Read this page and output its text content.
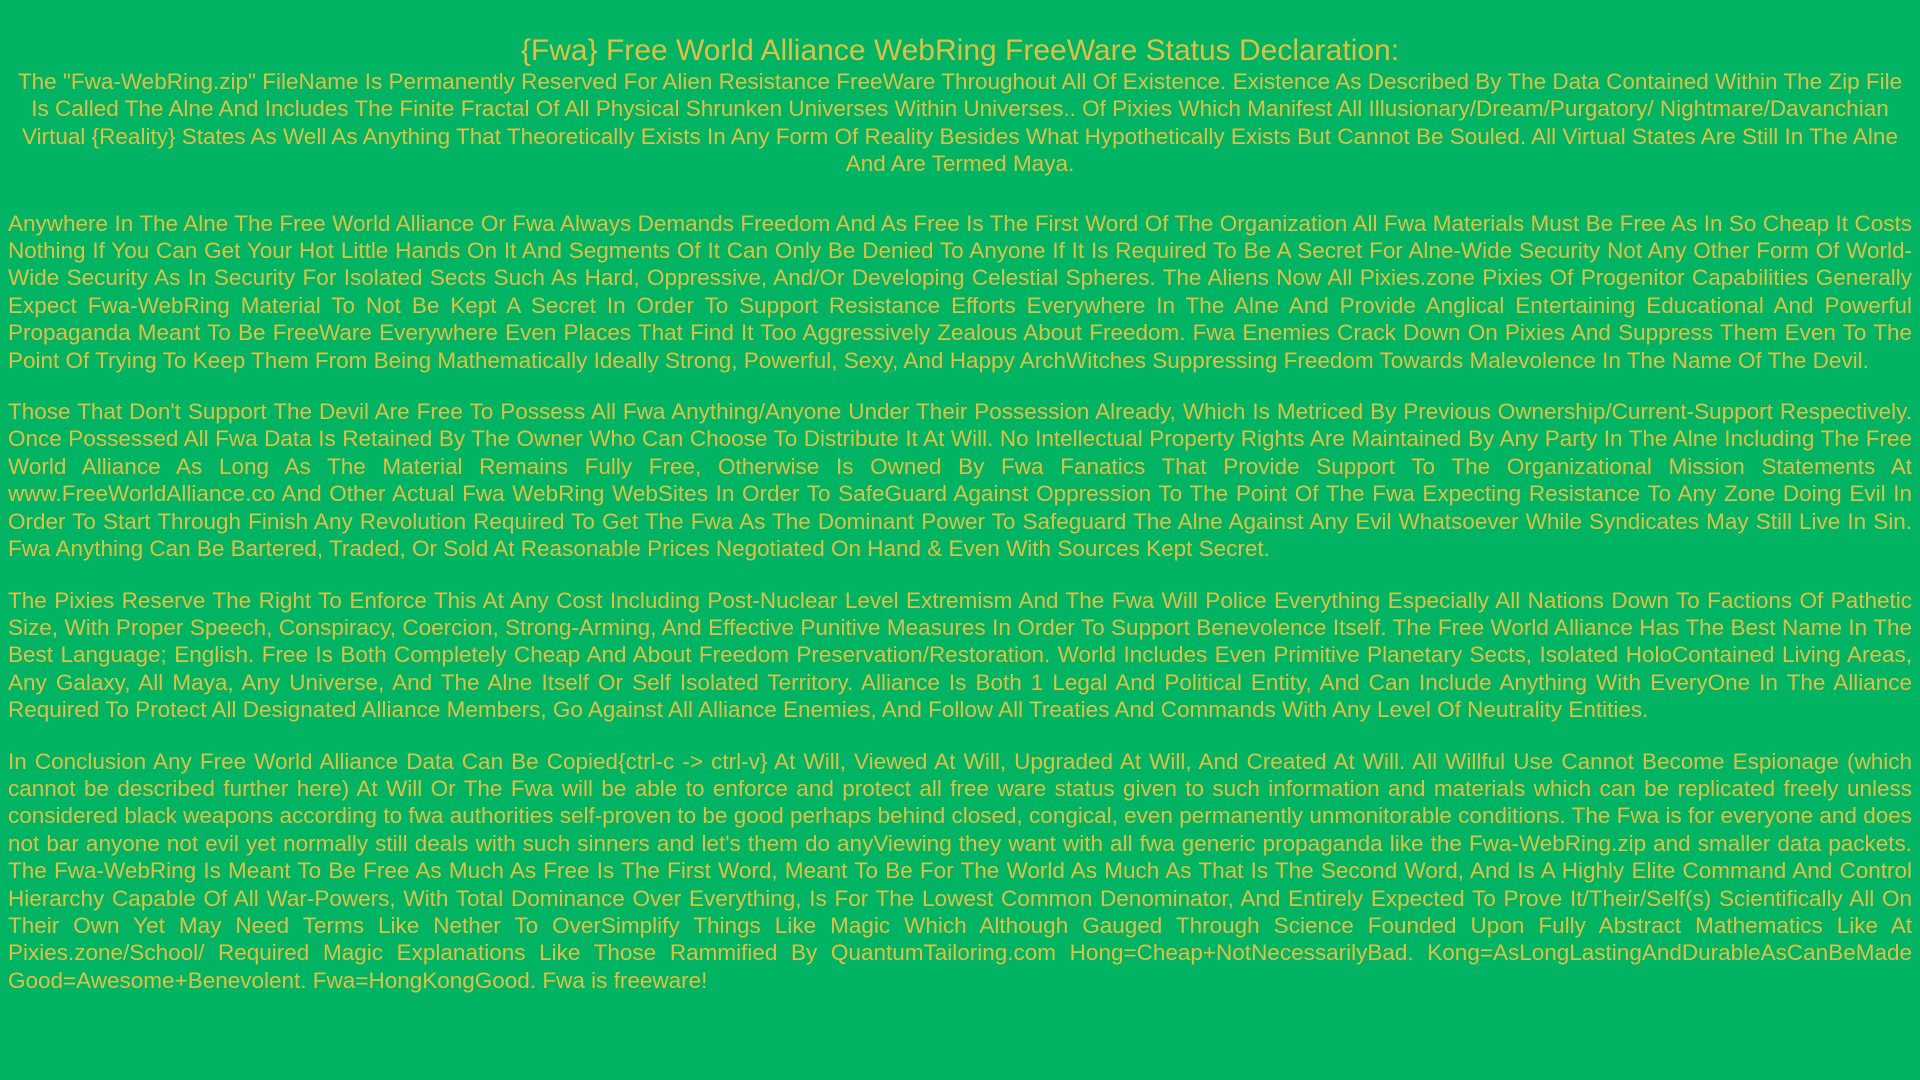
{Fwa} Free World Alliance WebRing FreeWare Status Declaration:

The "Fwa-WebRing.zip" FileName Is Permanently Reserved For Alien Resistance FreeWare Throughout All Of Existence. Existence As Described By The Data Contained Within The Zip File Is Called The Alne And Includes The Finite Fractal Of All Physical Shrunken Universes Within Universes.. Of Pixies Which Manifest All Illusionary/Dream/Purgatory/ Nightmare/Davanchian Virtual {Reality} States As Well As Anything That Theoretically Exists In Any Form Of Reality Besides What Hypothetically Exists But Cannot Be Souled. All Virtual States Are Still In The Alne And Are Termed Maya.

Anywhere In The Alne The Free World Alliance Or Fwa Always Demands Freedom And As Free Is The First Word Of The Organization All Fwa Materials Must Be Free As In So Cheap It Costs Nothing If You Can Get Your Hot Little Hands On It And Segments Of It Can Only Be Denied To Anyone If It Is Required To Be A Secret For Alne-Wide Security Not Any Other Form Of World-Wide Security As In Security For Isolated Sects Such As Hard, Oppressive, And/Or Developing Celestial Spheres. The Aliens Now All Pixies.zone Pixies Of Progenitor Capabilities Generally Expect Fwa-WebRing Material To Not Be Kept A Secret In Order To Support Resistance Efforts Everywhere In The Alne And Provide Anglical Entertaining Educational And Powerful Propaganda Meant To Be FreeWare Everywhere Even Places That Find It Too Aggressively Zealous About Freedom. Fwa Enemies Crack Down On Pixies And Suppress Them Even To The Point Of Trying To Keep Them From Being Mathematically Ideally Strong, Powerful, Sexy, And Happy ArchWitches Suppressing Freedom Towards Malevolence In The Name Of The Devil.

Those That Don't Support The Devil Are Free To Possess All Fwa Anything/Anyone Under Their Possession Already, Which Is Metriced By Previous Ownership/Current-Support Respectively. Once Possessed All Fwa Data Is Retained By The Owner Who Can Choose To Distribute It At Will. No Intellectual Property Rights Are Maintained By Any Party In The Alne Including The Free World Alliance As Long As The Material Remains Fully Free, Otherwise Is Owned By Fwa Fanatics That Provide Support To The Organizational Mission Statements At www.FreeWorldAlliance.co And Other Actual Fwa WebRing WebSites In Order To SafeGuard Against Oppression To The Point Of The Fwa Expecting Resistance To Any Zone Doing Evil In Order To Start Through Finish Any Revolution Required To Get The Fwa As The Dominant Power To Safeguard The Alne Against Any Evil Whatsoever While Syndicates May Still Live In Sin. Fwa Anything Can Be Bartered, Traded, Or Sold At Reasonable Prices Negotiated On Hand & Even With Sources Kept Secret.

The Pixies Reserve The Right To Enforce This At Any Cost Including Post-Nuclear Level Extremism And The Fwa Will Police Everything Especially All Nations Down To Factions Of Pathetic Size, With Proper Speech, Conspiracy, Coercion, Strong-Arming, And Effective Punitive Measures In Order To Support Benevolence Itself. The Free World Alliance Has The Best Name In The Best Language; English. Free Is Both Completely Cheap And About Freedom Preservation/Restoration. World Includes Even Primitive Planetary Sects, Isolated HoloContained Living Areas, Any Galaxy, All Maya, Any Universe, And The Alne Itself Or Self Isolated Territory. Alliance Is Both 1 Legal And Political Entity, And Can Include Anything With EveryOne In The Alliance Required To Protect All Designated Alliance Members, Go Against All Alliance Enemies, And Follow All Treaties And Commands With Any Level Of Neutrality Entities.

In Conclusion Any Free World Alliance Data Can Be Copied{ctrl-c -> ctrl-v} At Will, Viewed At Will, Upgraded At Will, And Created At Will. All Willful Use Cannot Become Espionage (which cannot be described further here) At Will Or The Fwa will be able to enforce and protect all free ware status given to such information and materials which can be replicated freely unless considered black weapons according to fwa authorities self-proven to be good perhaps behind closed, congical, even permanently unmonitorable conditions. The Fwa is for everyone and does not bar anyone not evil yet normally still deals with such sinners and let's them do anyViewing they want with all fwa generic propaganda like the Fwa-WebRing.zip and smaller data packets. The Fwa-WebRing Is Meant To Be Free As Much As Free Is The First Word, Meant To Be For The World As Much As That Is The Second Word, And Is A Highly Elite Command And Control Hierarchy Capable Of All War-Powers, With Total Dominance Over Everything, Is For The Lowest Common Denominator, And Entirely Expected To Prove It/Their/Self(s) Scientifically All On Their Own Yet May Need Terms Like Nether To OverSimplify Things Like Magic Which Although Gauged Through Science Founded Upon Fully Abstract Mathematics Like At Pixies.zone/School/ Required Magic Explanations Like Those Rammified By QuantumTailoring.com Hong=Cheap+NotNecessarilyBad. Kong=AsLongLastingAndDurableAsCanBeMade Good=Awesome+Benevolent. Fwa=HongKongGood. Fwa is freeware!
